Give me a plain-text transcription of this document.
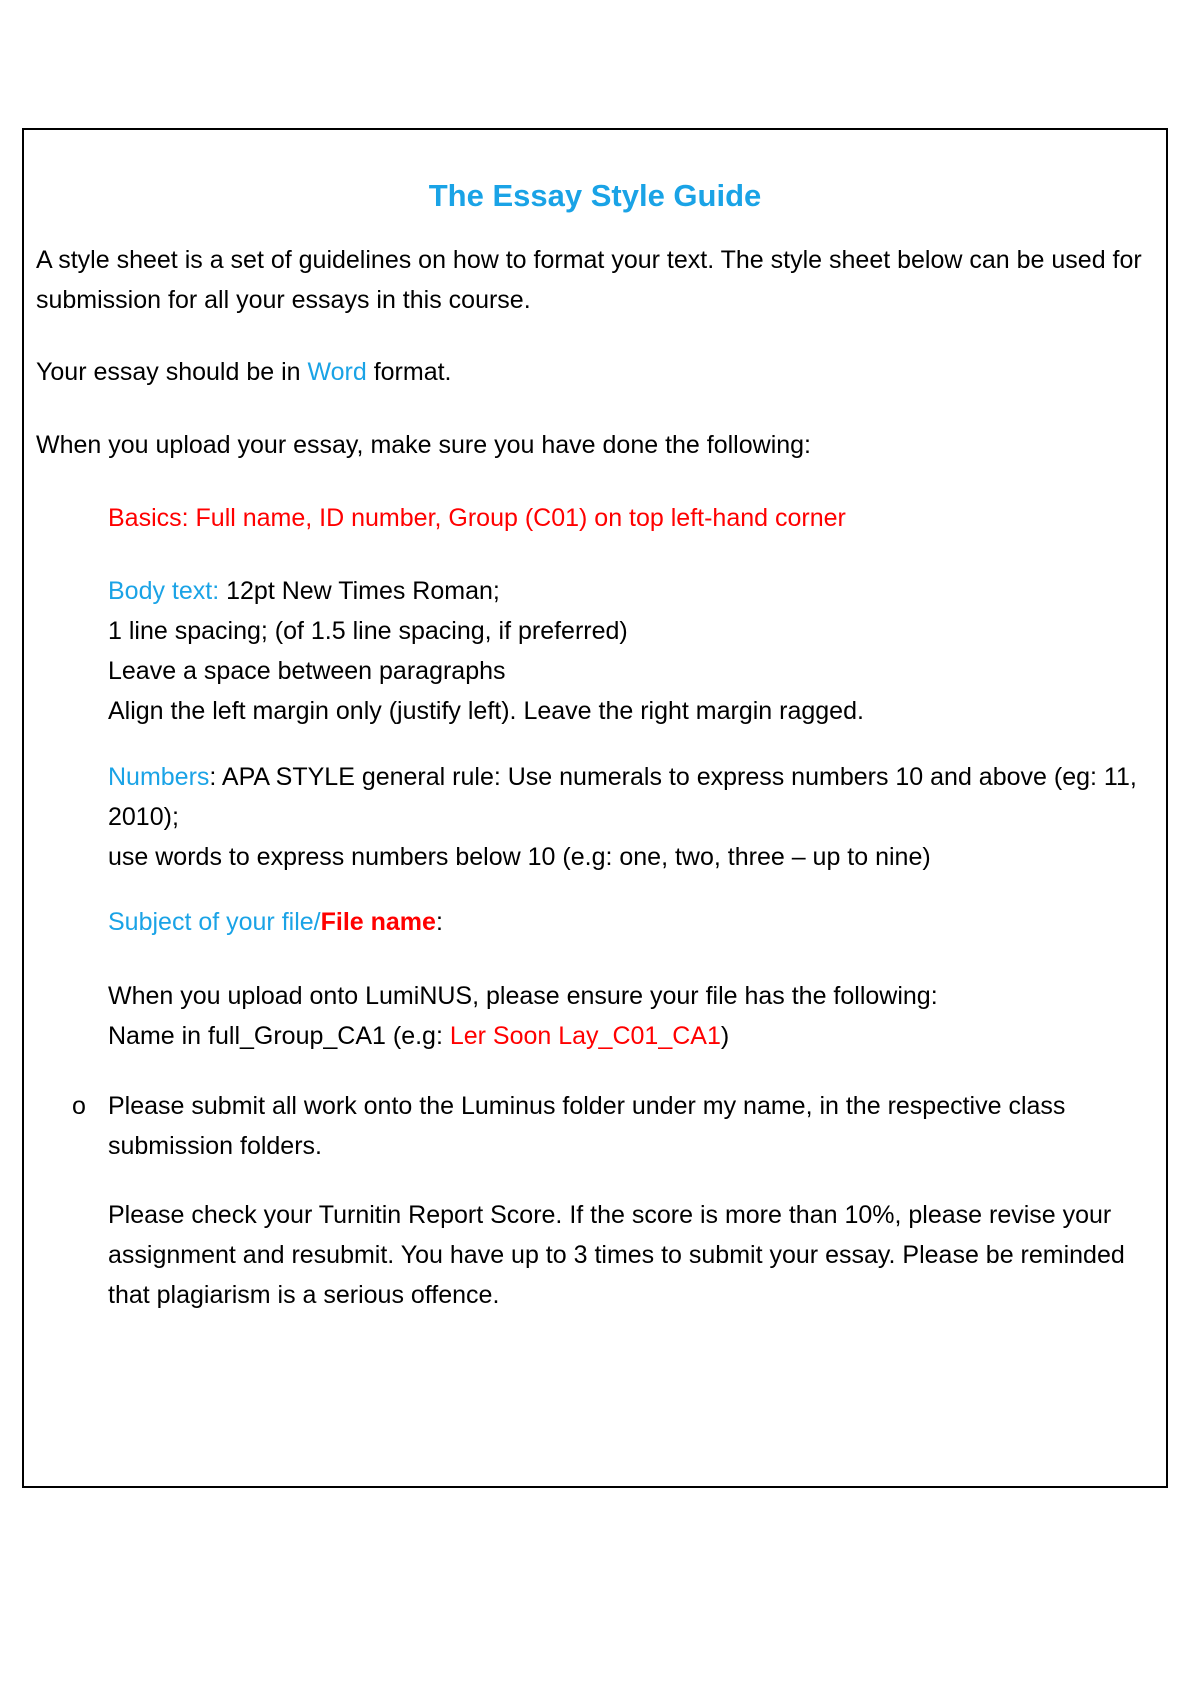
The Essay Style Guide

A style sheet is a set of guidelines on how to format your text. The style sheet below can be used for submission for all your essays in this course.

Your essay should be in Word format.

When you upload your essay, make sure you have done the following:

Basics: Full name, ID number, Group (C01) on top left-hand corner

Body text: 12pt New Times Roman;
1 line spacing; (of 1.5 line spacing, if preferred)
Leave a space between paragraphs
Align the left margin only (justify left). Leave the right margin ragged.

Numbers: APA STYLE general rule: Use numerals to express numbers 10 and above (eg: 11, 2010);
use words to express numbers below 10 (e.g: one, two, three – up to nine)

Subject of your file/File name:

When you upload onto LumiNUS, please ensure your file has the following:
Name in full_Group_CA1 (e.g: Ler Soon Lay_C01_CA1)

o Please submit all work onto the Luminus folder under my name, in the respective class submission folders.

Please check your Turnitin Report Score. If the score is more than 10%, please revise your assignment and resubmit. You have up to 3 times to submit your essay. Please be reminded that plagiarism is a serious offence.
